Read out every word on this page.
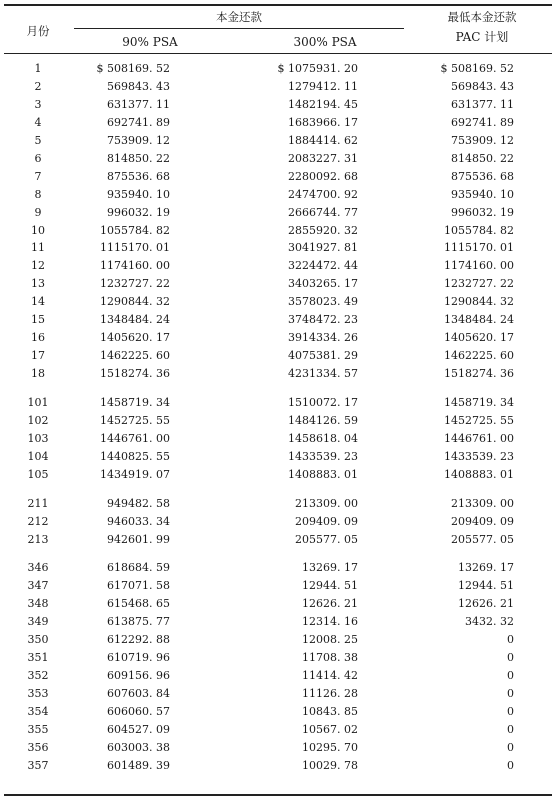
月份
本金还款
90% PSA	300% PSA
最低本金还款
PAC 计划
1	$ 508169. 52	$ 1075931. 20	$ 508169. 52
2	569843. 43	1279412. 11	569843. 43
3	631377. 11	1482194. 45	631377. 11
4	692741. 89	1683966. 17	692741. 89
5	753909. 12	1884414. 62	753909. 12
6	814850. 22	2083227. 31	814850. 22
7	875536. 68	2280092. 68	875536. 68
8	935940. 10	2474700. 92	935940. 10
9	996032. 19	2666744. 77	996032. 19
10	1055784. 82	2855920. 32	1055784. 82
11	1115170. 01	3041927. 81	1115170. 01
12	1174160. 00	3224472. 44	1174160. 00
13	1232727. 22	3403265. 17	1232727. 22
14	1290844. 32	3578023. 49	1290844. 32
15	1348484. 24	3748472. 23	1348484. 24
16	1405620. 17	3914334. 26	1405620. 17
17	1462225. 60	4075381. 29	1462225. 60
18	1518274. 36	4231334. 57	1518274. 36
101	1458719. 34	1510072. 17	1458719. 34
102	1452725. 55	1484126. 59	1452725. 55
103	1446761. 00	1458618. 04	1446761. 00
104	1440825. 55	1433539. 23	1433539. 23
105	1434919. 07	1408883. 01	1408883. 01
211	949482. 58	213309. 00	213309. 00
212	946033. 34	209409. 09	209409. 09
213	942601. 99	205577. 05	205577. 05
346	618684. 59	13269. 17	13269. 17
347	617071. 58	12944. 51	12944. 51
348	615468. 65	12626. 21	12626. 21
349	613875. 77	12314. 16	3432. 32
350	612292. 88	12008. 25	0
351	610719. 96	11708. 38	0
352	609156. 96	11414. 42	0
353	607603. 84	11126. 28	0
354	606060. 57	10843. 85	0
355	604527. 09	10567. 02	0
356	603003. 38	10295. 70	0
357	601489. 39	10029. 78	0
